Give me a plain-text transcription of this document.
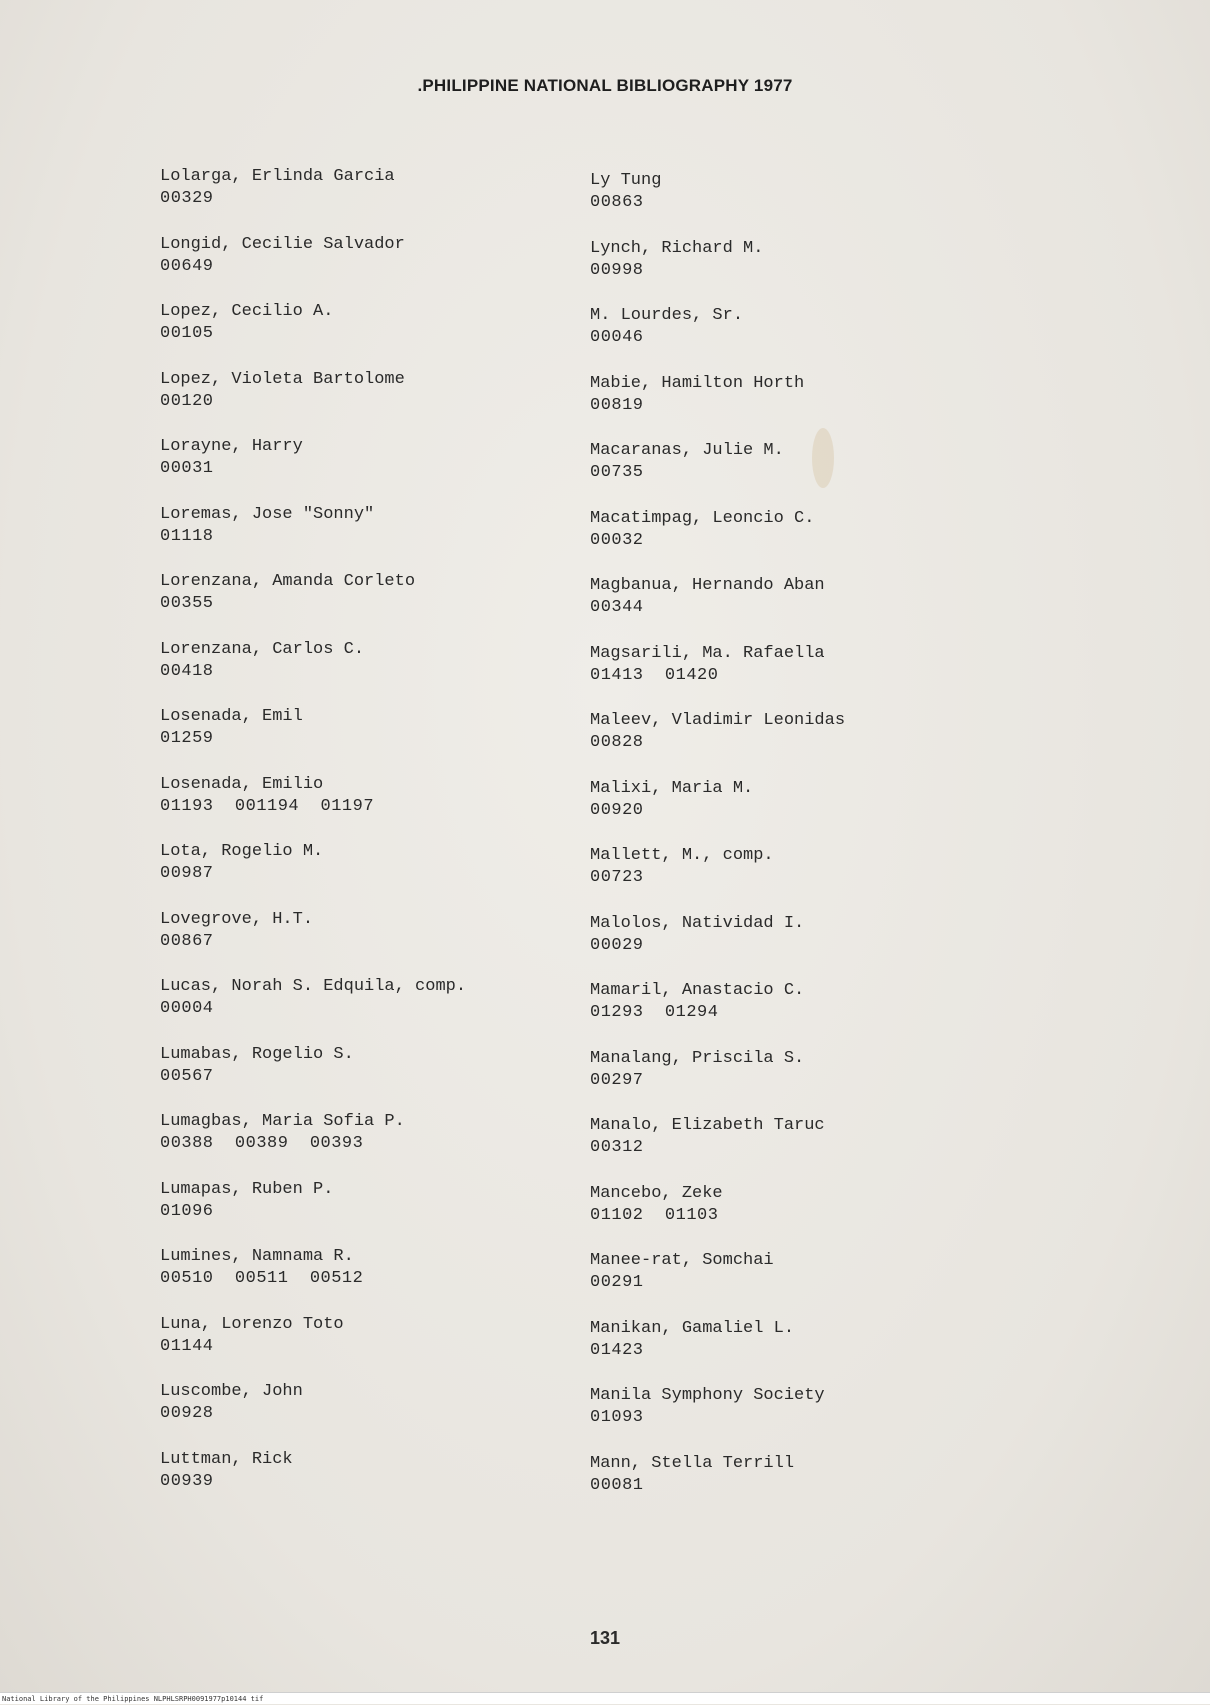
.PHILIPPINE NATIONAL BIBLIOGRAPHY 1977
Lolarga, Erlinda Garcia
00329
Longid, Cecilie Salvador
00649
Lopez, Cecilio A.
00105
Lopez, Violeta Bartolome
00120
Lorayne, Harry
00031
Loremas, Jose "Sonny"
01118
Lorenzana, Amanda Corleto
00355
Lorenzana, Carlos C.
00418
Losenada, Emil
01259
Losenada, Emilio
01193  001194  01197
Lota, Rogelio M.
00987
Lovegrove, H.T.
00867
Lucas, Norah S. Edquila, comp.
00004
Lumabas, Rogelio S.
00567
Lumagbas, Maria Sofia P.
00388  00389  00393
Lumapas, Ruben P.
01096
Lumines, Namnama R.
00510  00511  00512
Luna, Lorenzo Toto
01144
Luscombe, John
00928
Luttman, Rick
00939
Ly Tung
00863
Lynch, Richard M.
00998
M. Lourdes, Sr.
00046
Mabie, Hamilton Horth
00819
Macaranas, Julie M.
00735
Macatimpag, Leoncio C.
00032
Magbanua, Hernando Aban
00344
Magsarili, Ma. Rafaella
01413  01420
Maleev, Vladimir Leonidas
00828
Malixi, Maria M.
00920
Mallett, M., comp.
00723
Malolos, Natividad I.
00029
Mamaril, Anastacio C.
01293  01294
Manalang, Priscila S.
00297
Manalo, Elizabeth Taruc
00312
Mancebo, Zeke
01102  01103
Manee-rat, Somchai
00291
Manikan, Gamaliel L.
01423
Manila Symphony Society
01093
Mann, Stella Terrill
00081
131
National Library of the Philippines NLPHLSRPH0091977p10144 tif
